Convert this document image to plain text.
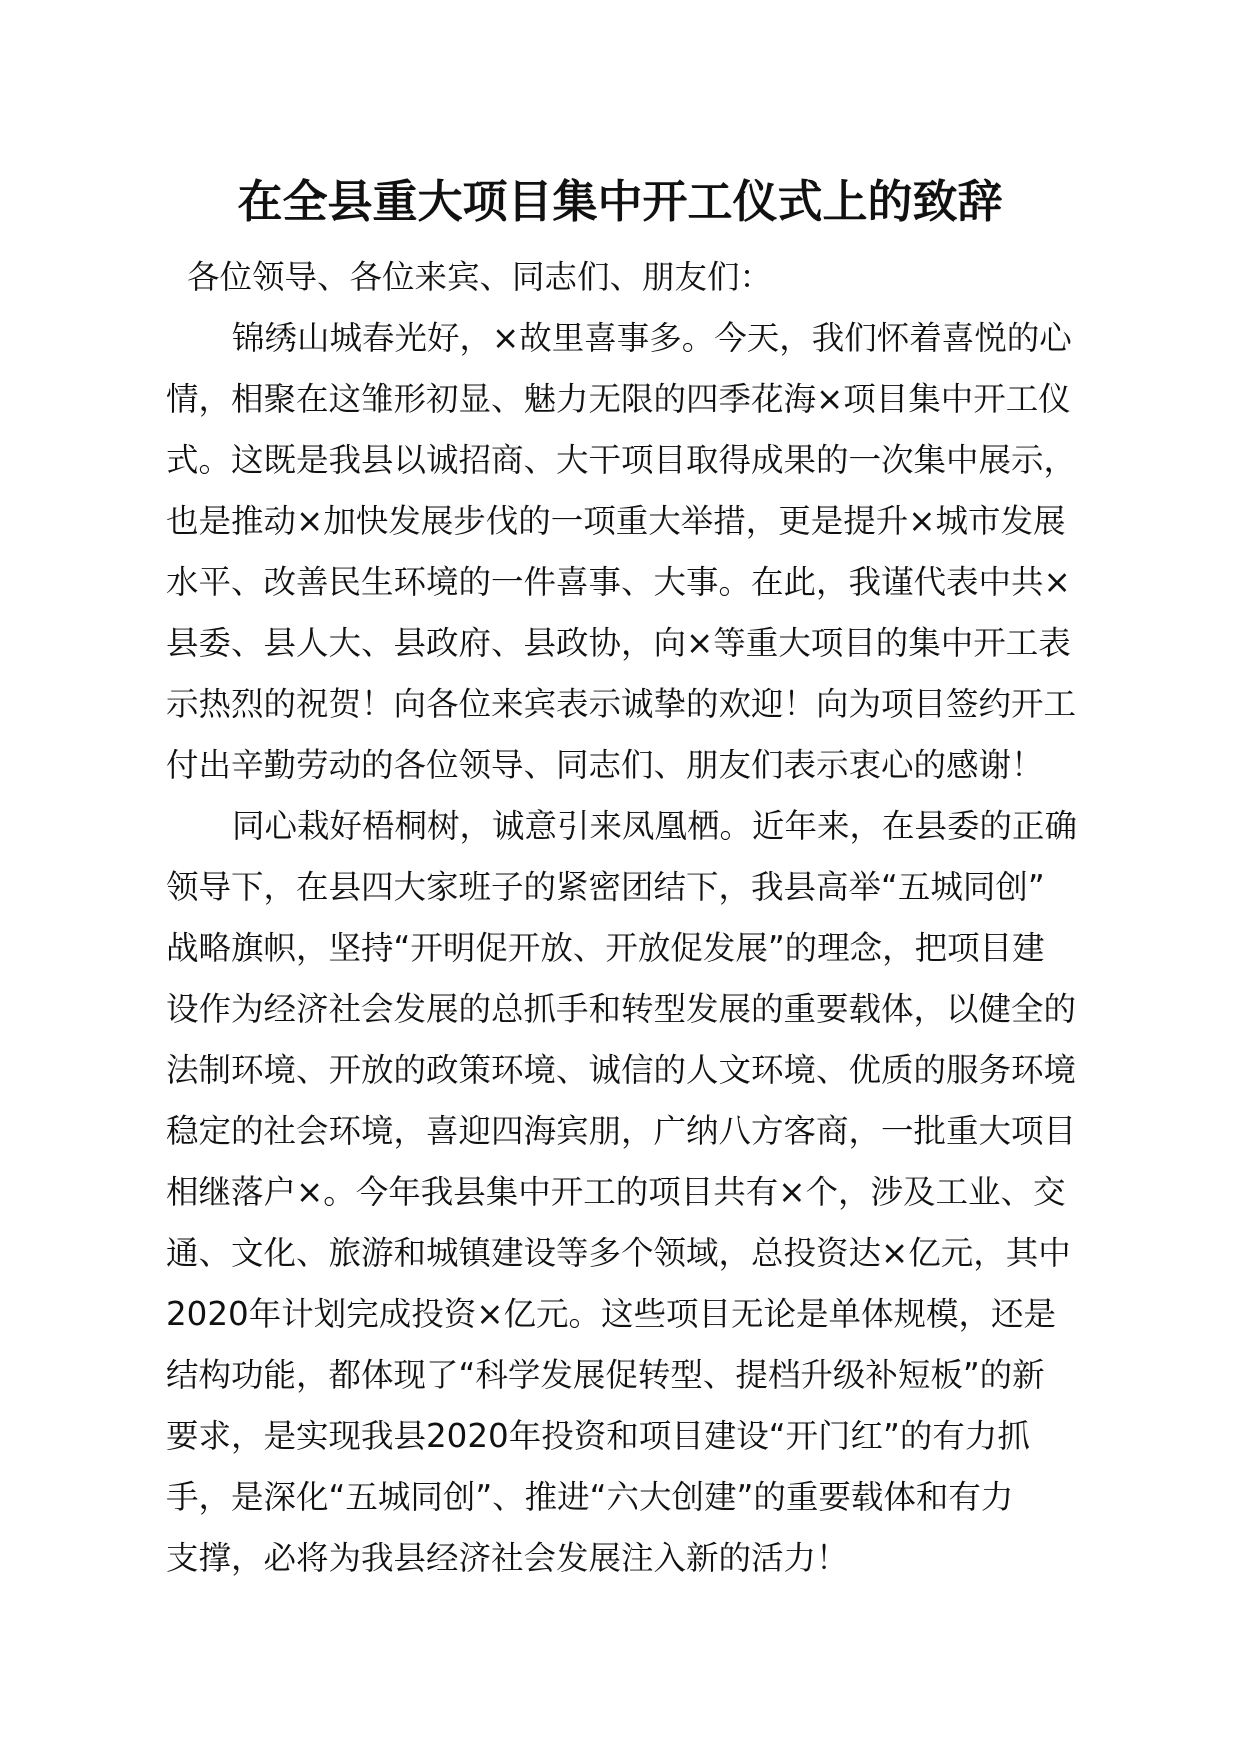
在全县重大项目集中开工仪式上的致辞
各位领导、各位来宾、同志们、朋友们：
锦绣山城春光好，×故里喜事多。今天，我们怀着喜悦的心
情，相聚在这雏形初显、魅力无限的四季花海×项目集中开工仪
式。这既是我县以诚招商、大干项目取得成果的一次集中展示，
也是推动×加快发展步伐的一项重大举措，更是提升×城市发展
水平、改善民生环境的一件喜事、大事。在此，我谨代表中共×
县委、县人大、县政府、县政协，向×等重大项目的集中开工表
示热烈的祝贺！向各位来宾表示诚挚的欢迎！向为项目签约开工
付出辛勤劳动的各位领导、同志们、朋友们表示衷心的感谢！
同心栽好梧桐树，诚意引来凤凰栖。近年来，在县委的正确
领导下，在县四大家班子的紧密团结下，我县高举“五城同创”
战略旗帜，坚持“开明促开放、开放促发展”的理念，把项目建
设作为经济社会发展的总抓手和转型发展的重要载体，以健全的
法制环境、开放的政策环境、诚信的人文环境、优质的服务环境
稳定的社会环境，喜迎四海宾朋，广纳八方客商，一批重大项目
相继落户×。今年我县集中开工的项目共有×个，涉及工业、交
通、文化、旅游和城镇建设等多个领域，总投资达×亿元，其中
2020年计划完成投资×亿元。这些项目无论是单体规模，还是
结构功能，都体现了“科学发展促转型、提档升级补短板”的新
要求，是实现我县2020年投资和项目建设“开门红”的有力抓
手，是深化“五城同创”、推进“六大创建”的重要载体和有力
支撑，必将为我县经济社会发展注入新的活力！
